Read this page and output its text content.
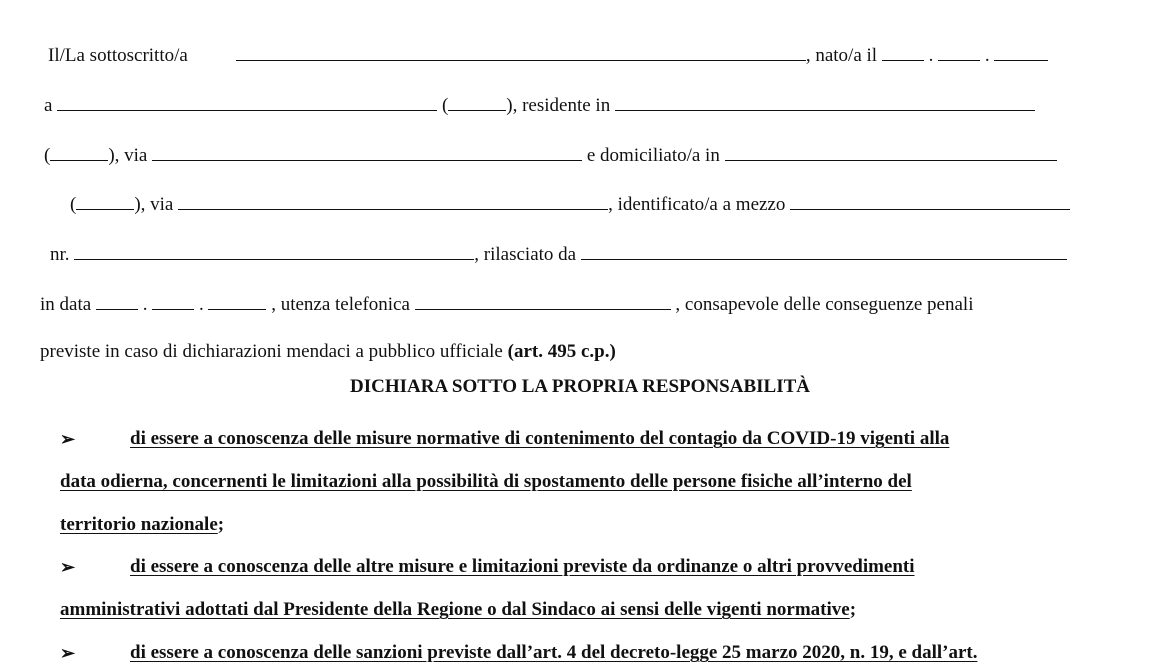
Il/La sottoscritto/a	, nato/a il	.	.
a	(	), residente in
(	), via	e domiciliato/a in
(	), via	, identificato/a a mezzo
nr.	, rilasciato da
in data	.	.	, utenza telefonica	, consapevole delle conseguenze penali
previste in caso di dichiarazioni mendaci a pubblico ufficiale (art. 495 c.p.)
DICHIARA SOTTO LA PROPRIA RESPONSABILITÀ
➢	di essere a conoscenza delle misure normative di contenimento del contagio da COVID-19 vigenti alla
data odierna, concernenti le limitazioni alla possibilità di spostamento delle persone fisiche all’interno del
territorio nazionale;
➢	di essere a conoscenza delle altre misure e limitazioni previste da ordinanze o altri provvedimenti
amministrativi adottati dal Presidente della Regione o dal Sindaco ai sensi delle vigenti normative;
➢	di essere a conoscenza delle sanzioni previste dall’art. 4 del decreto-legge 25 marzo 2020, n. 19, e dall’art.
